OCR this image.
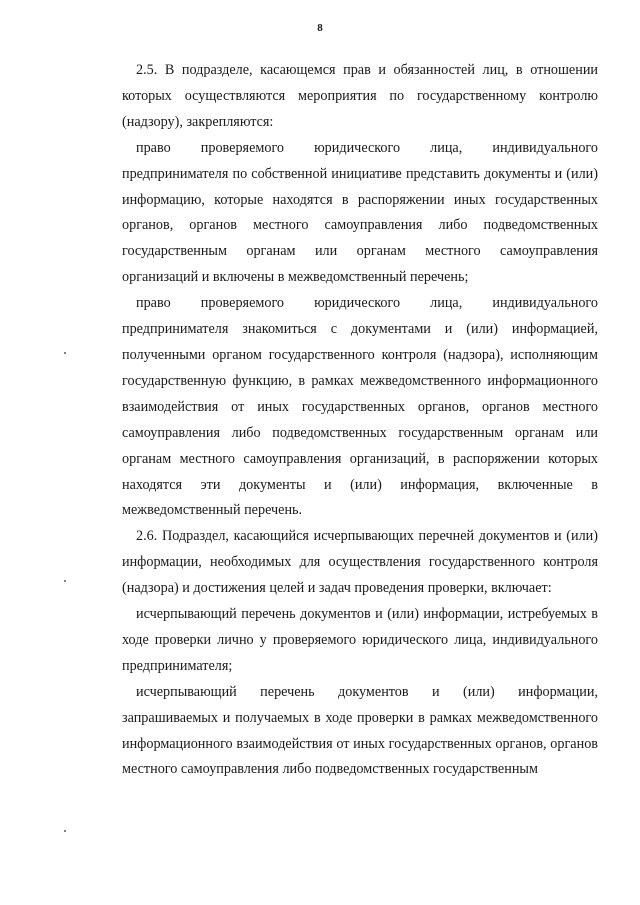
8

2.5. В подразделе, касающемся прав и обязанностей лиц, в отношении которых осуществляются мероприятия по государственному контролю (надзору), закрепляются:

право проверяемого юридического лица, индивидуального предпринимателя по собственной инициативе представить документы и (или) информацию, которые находятся в распоряжении иных государственных органов, органов местного самоуправления либо подведомственных государственным органам или органам местного самоуправления организаций и включены в межведомственный перечень;

право проверяемого юридического лица, индивидуального предпринимателя знакомиться с документами и (или) информацией, полученными органом государственного контроля (надзора), исполняющим государственную функцию, в рамках межведомственного информационного взаимодействия от иных государственных органов, органов местного самоуправления либо подведомственных государственным органам или органам местного самоуправления организаций, в распоряжении которых находятся эти документы и (или) информация, включенные в межведомственный перечень.

2.6. Подраздел, касающийся исчерпывающих перечней документов и (или) информации, необходимых для осуществления государственного контроля (надзора) и достижения целей и задач проведения проверки, включает:

исчерпывающий перечень документов и (или) информации, истребуемых в ходе проверки лично у проверяемого юридического лица, индивидуального предпринимателя;

исчерпывающий перечень документов и (или) информации, запрашиваемых и получаемых в ходе проверки в рамках межведомственного информационного взаимодействия от иных государственных органов, органов местного самоуправления либо подведомственных государственным
